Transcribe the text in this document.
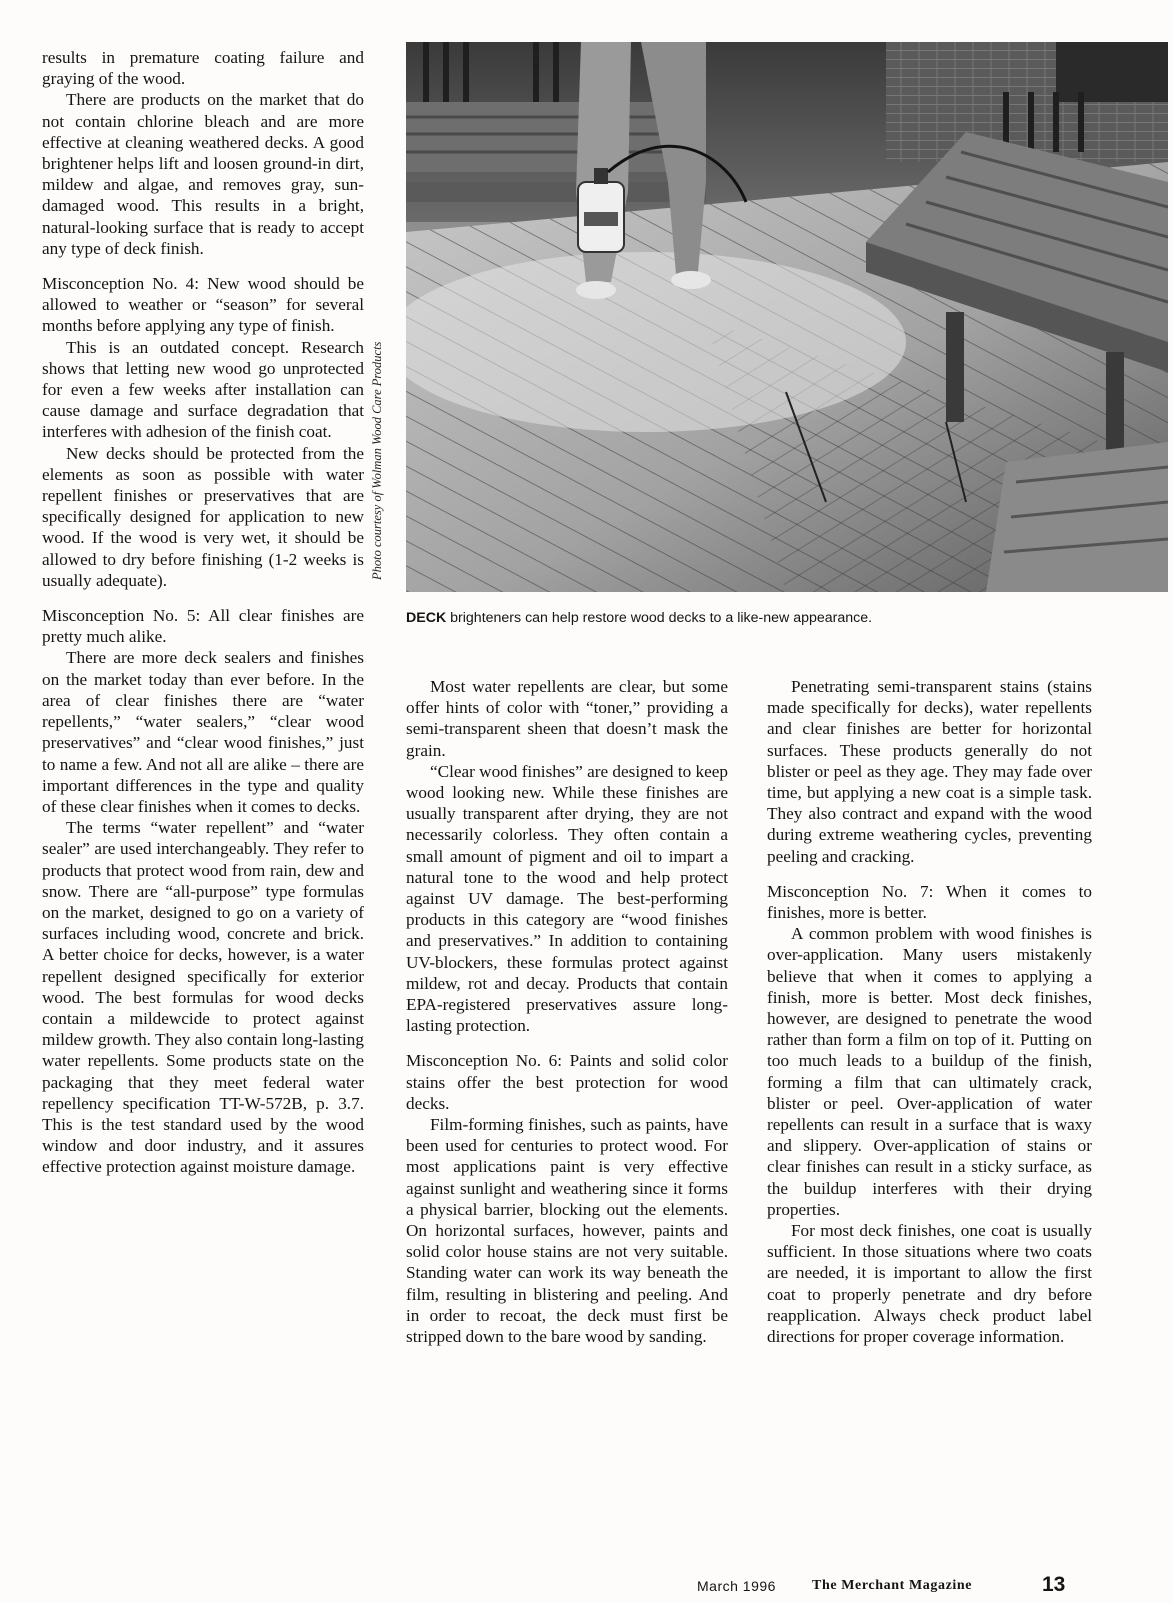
results in premature coating failure and graying of the wood.

There are products on the market that do not contain chlorine bleach and are more effective at cleaning weathered decks. A good brightener helps lift and loosen ground-in dirt, mildew and algae, and removes gray, sun-damaged wood. This results in a bright, natural-looking surface that is ready to accept any type of deck finish.

Misconception No. 4: New wood should be allowed to weather or “season” for several months before applying any type of finish.

This is an outdated concept. Research shows that letting new wood go unprotected for even a few weeks after installation can cause damage and surface degradation that interferes with adhesion of the finish coat.

New decks should be protected from the elements as soon as possible with water repellent finishes or preservatives that are specifically designed for application to new wood. If the wood is very wet, it should be allowed to dry before finishing (1-2 weeks is usually adequate).

Misconception No. 5: All clear finishes are pretty much alike.

There are more deck sealers and finishes on the market today than ever before. In the area of clear finishes there are “water repellents,” “water sealers,” “clear wood preservatives” and “clear wood finishes,” just to name a few. And not all are alike – there are important differences in the type and quality of these clear finishes when it comes to decks.

The terms “water repellent” and “water sealer” are used interchangeably. They refer to products that protect wood from rain, dew and snow. There are “all-purpose” type formulas on the market, designed to go on a variety of surfaces including wood, concrete and brick. A better choice for decks, however, is a water repellent designed specifically for exterior wood. The best formulas for wood decks contain a mildewcide to protect against mildew growth. They also contain long-lasting water repellents. Some products state on the packaging that they meet federal water repellency specification TT-W-572B, p. 3.7. This is the test standard used by the wood window and door industry, and it assures effective protection against moisture damage.

Photo courtesy of Wolman Wood Care Products
DECK brighteners can help restore wood decks to a like-new appearance.

Most water repellents are clear, but some offer hints of color with “toner,” providing a semi-transparent sheen that doesn’t mask the grain.

“Clear wood finishes” are designed to keep wood looking new. While these finishes are usually transparent after drying, they are not necessarily colorless. They often contain a small amount of pigment and oil to impart a natural tone to the wood and help protect against UV damage. The best-performing products in this category are “wood finishes and preservatives.” In addition to containing UV-blockers, these formulas protect against mildew, rot and decay. Products that contain EPA-registered preservatives assure long-lasting protection.

Misconception No. 6: Paints and solid color stains offer the best protection for wood decks.

Film-forming finishes, such as paints, have been used for centuries to protect wood. For most applications paint is very effective against sunlight and weathering since it forms a physical barrier, blocking out the elements. On horizontal surfaces, however, paints and solid color house stains are not very suitable. Standing water can work its way beneath the film, resulting in blistering and peeling. And in order to recoat, the deck must first be stripped down to the bare wood by sanding.

Penetrating semi-transparent stains (stains made specifically for decks), water repellents and clear finishes are better for horizontal surfaces. These products generally do not blister or peel as they age. They may fade over time, but applying a new coat is a simple task. They also contract and expand with the wood during extreme weathering cycles, preventing peeling and cracking.

Misconception No. 7: When it comes to finishes, more is better.

A common problem with wood finishes is over-application. Many users mistakenly believe that when it comes to applying a finish, more is better. Most deck finishes, however, are designed to penetrate the wood rather than form a film on top of it. Putting on too much leads to a buildup of the finish, forming a film that can ultimately crack, blister or peel. Over-application of water repellents can result in a surface that is waxy and slippery. Over-application of stains or clear finishes can result in a sticky surface, as the buildup interferes with their drying properties.

For most deck finishes, one coat is usually sufficient. In those situations where two coats are needed, it is important to allow the first coat to properly penetrate and dry before reapplication. Always check product label directions for proper coverage information.

March 1996	The Merchant Magazine	13
